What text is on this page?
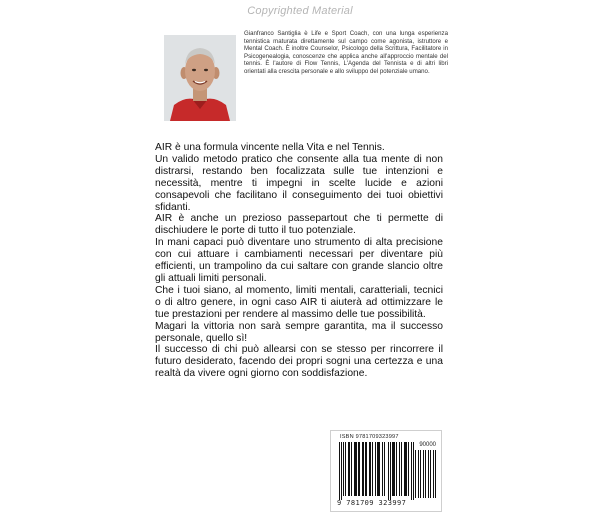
Copyrighted Material
Gianfranco Santiglia è Life e Sport Coach, con una lunga esperienza tennistica maturata direttamente sul campo come agonista, istruttore e Mental Coach. È inoltre Counselor, Psicologo della Scrittura, Facilitatore in Psicogenealogia, conoscenze che applica anche all'approccio mentale del tennis. È l'autore di Flow Tennis, L'Agenda del Tennista e di altri libri orientati alla crescita personale e allo sviluppo del potenziale umano.

AIR è una formula vincente nella Vita e nel Tennis.

Un valido metodo pratico che consente alla tua mente di non distrarsi, restando ben focalizzata sulle tue intenzioni e necessità, mentre ti impegni in scelte lucide e azioni consapevoli che facilitano il conseguimento dei tuoi obiettivi sfidanti.

AIR è anche un prezioso passepartout che ti permette di dischiudere le porte di tutto il tuo potenziale.

In mani capaci può diventare uno strumento di alta precisione con cui attuare i cambiamenti necessari per diventare più efficienti, un trampolino da cui saltare con grande slancio oltre gli attuali limiti personali.

Che i tuoi siano, al momento, limiti mentali, caratteriali, tecnici o di altro genere, in ogni caso AIR ti aiuterà ad ottimizzare le tue prestazioni per rendere al massimo delle tue possibilità.

Magari la vittoria non sarà sempre garantita, ma il successo personale, quello sì!

Il successo di chi può allearsi con se stesso per rincorrere il futuro desiderato, facendo dei propri sogni una certezza e una realtà da vivere ogni giorno con soddisfazione.

ISBN 9781709323997
90000
9 781709 323997
